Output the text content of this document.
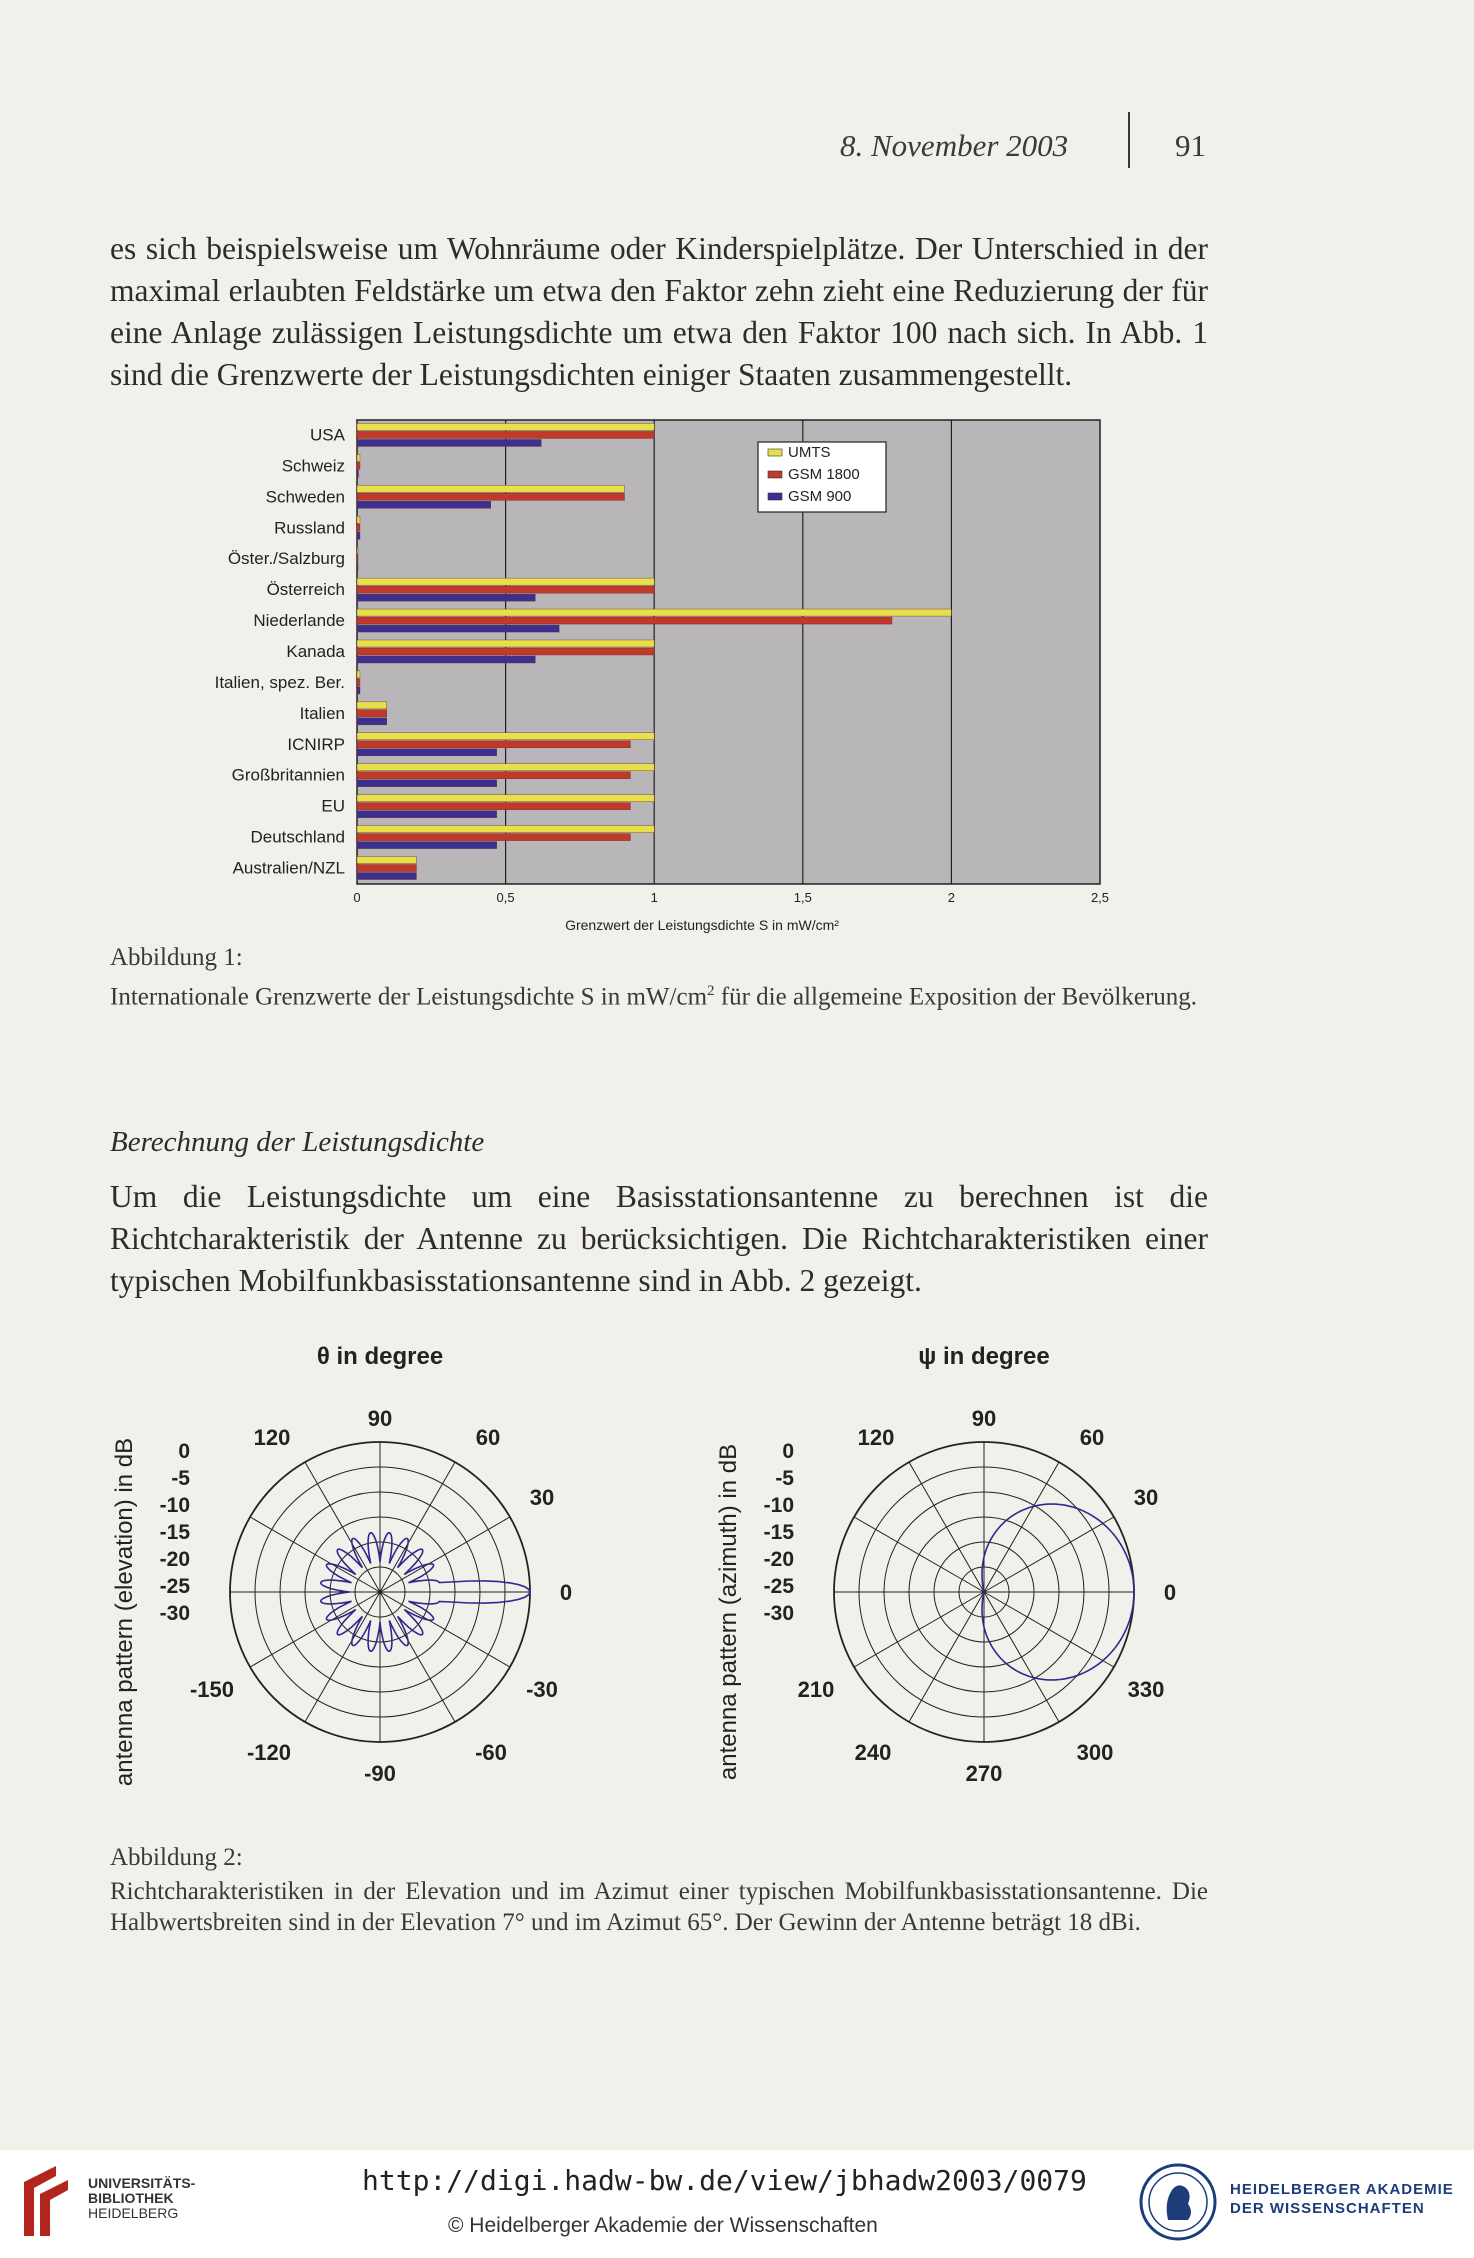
8. November 2003	91
es sich beispielsweise um Wohnräume oder Kinderspielplätze. Der Unterschied in der maximal erlaubten Feldstärke um etwa den Faktor zehn zieht eine Reduzierung der für eine Anlage zulässigen Leistungsdichte um etwa den Faktor 100 nach sich. In Abb. 1 sind die Grenzwerte der Leistungsdichten einiger Staaten zusammengestellt.
USA
Schweiz
Schweden
Russland
Öster./Salzburg
Österreich
Niederlande
Kanada
Italien, spez. Ber.
Italien
ICNIRP
Großbritannien
EU
Deutschland
Australien/NZL
0	0,5	1	1,5	2	2,5
UMTS
GSM 1800
GSM 900
Grenzwert der Leistungsdichte S in mW/cm²
Abbildung 1:
Internationale Grenzwerte der Leistungsdichte S in $mW/cm^2$ für die allgemeine Exposition der Bevölkerung.
Berechnung der Leistungsdichte
Um die Leistungsdichte um eine Basisstationsantenne zu berechnen ist die Richtcharakteristik der Antenne zu berücksichtigen. Die Richtcharakteristiken einer typischen Mobilfunkbasisstationsantenne sind in Abb. 2 gezeigt.
θ in degree
antenna pattern (elevation) in dB 0
-5
-10
-15
-20
-25
-30
90
60
30
0
-30
-60
-90
-120
-150
120
ψ in degree
antenna pattern (azimuth) in dB 0
-5
-10
-15
-20
-25
-30
90
60
30
0
330
300
270
240
210
120
Abbildung 2:
Richtcharakteristiken in der Elevation und im Azimut einer typischen Mobilfunkbasisstationsantenne. Die Halbwertsbreiten sind in der Elevation 7° und im Azimut 65°. Der Gewinn der Antenne beträgt 18 dBi.
UNIVERSITÄTS-
BIBLIOTHEK
HEIDELBERG
http://digi.hadw-bw.de/view/jbhadw2003/0079
© Heidelberger Akademie der Wissenschaften
HEIDELBERGER AKADEMIE
DER WISSENSCHAFTEN
